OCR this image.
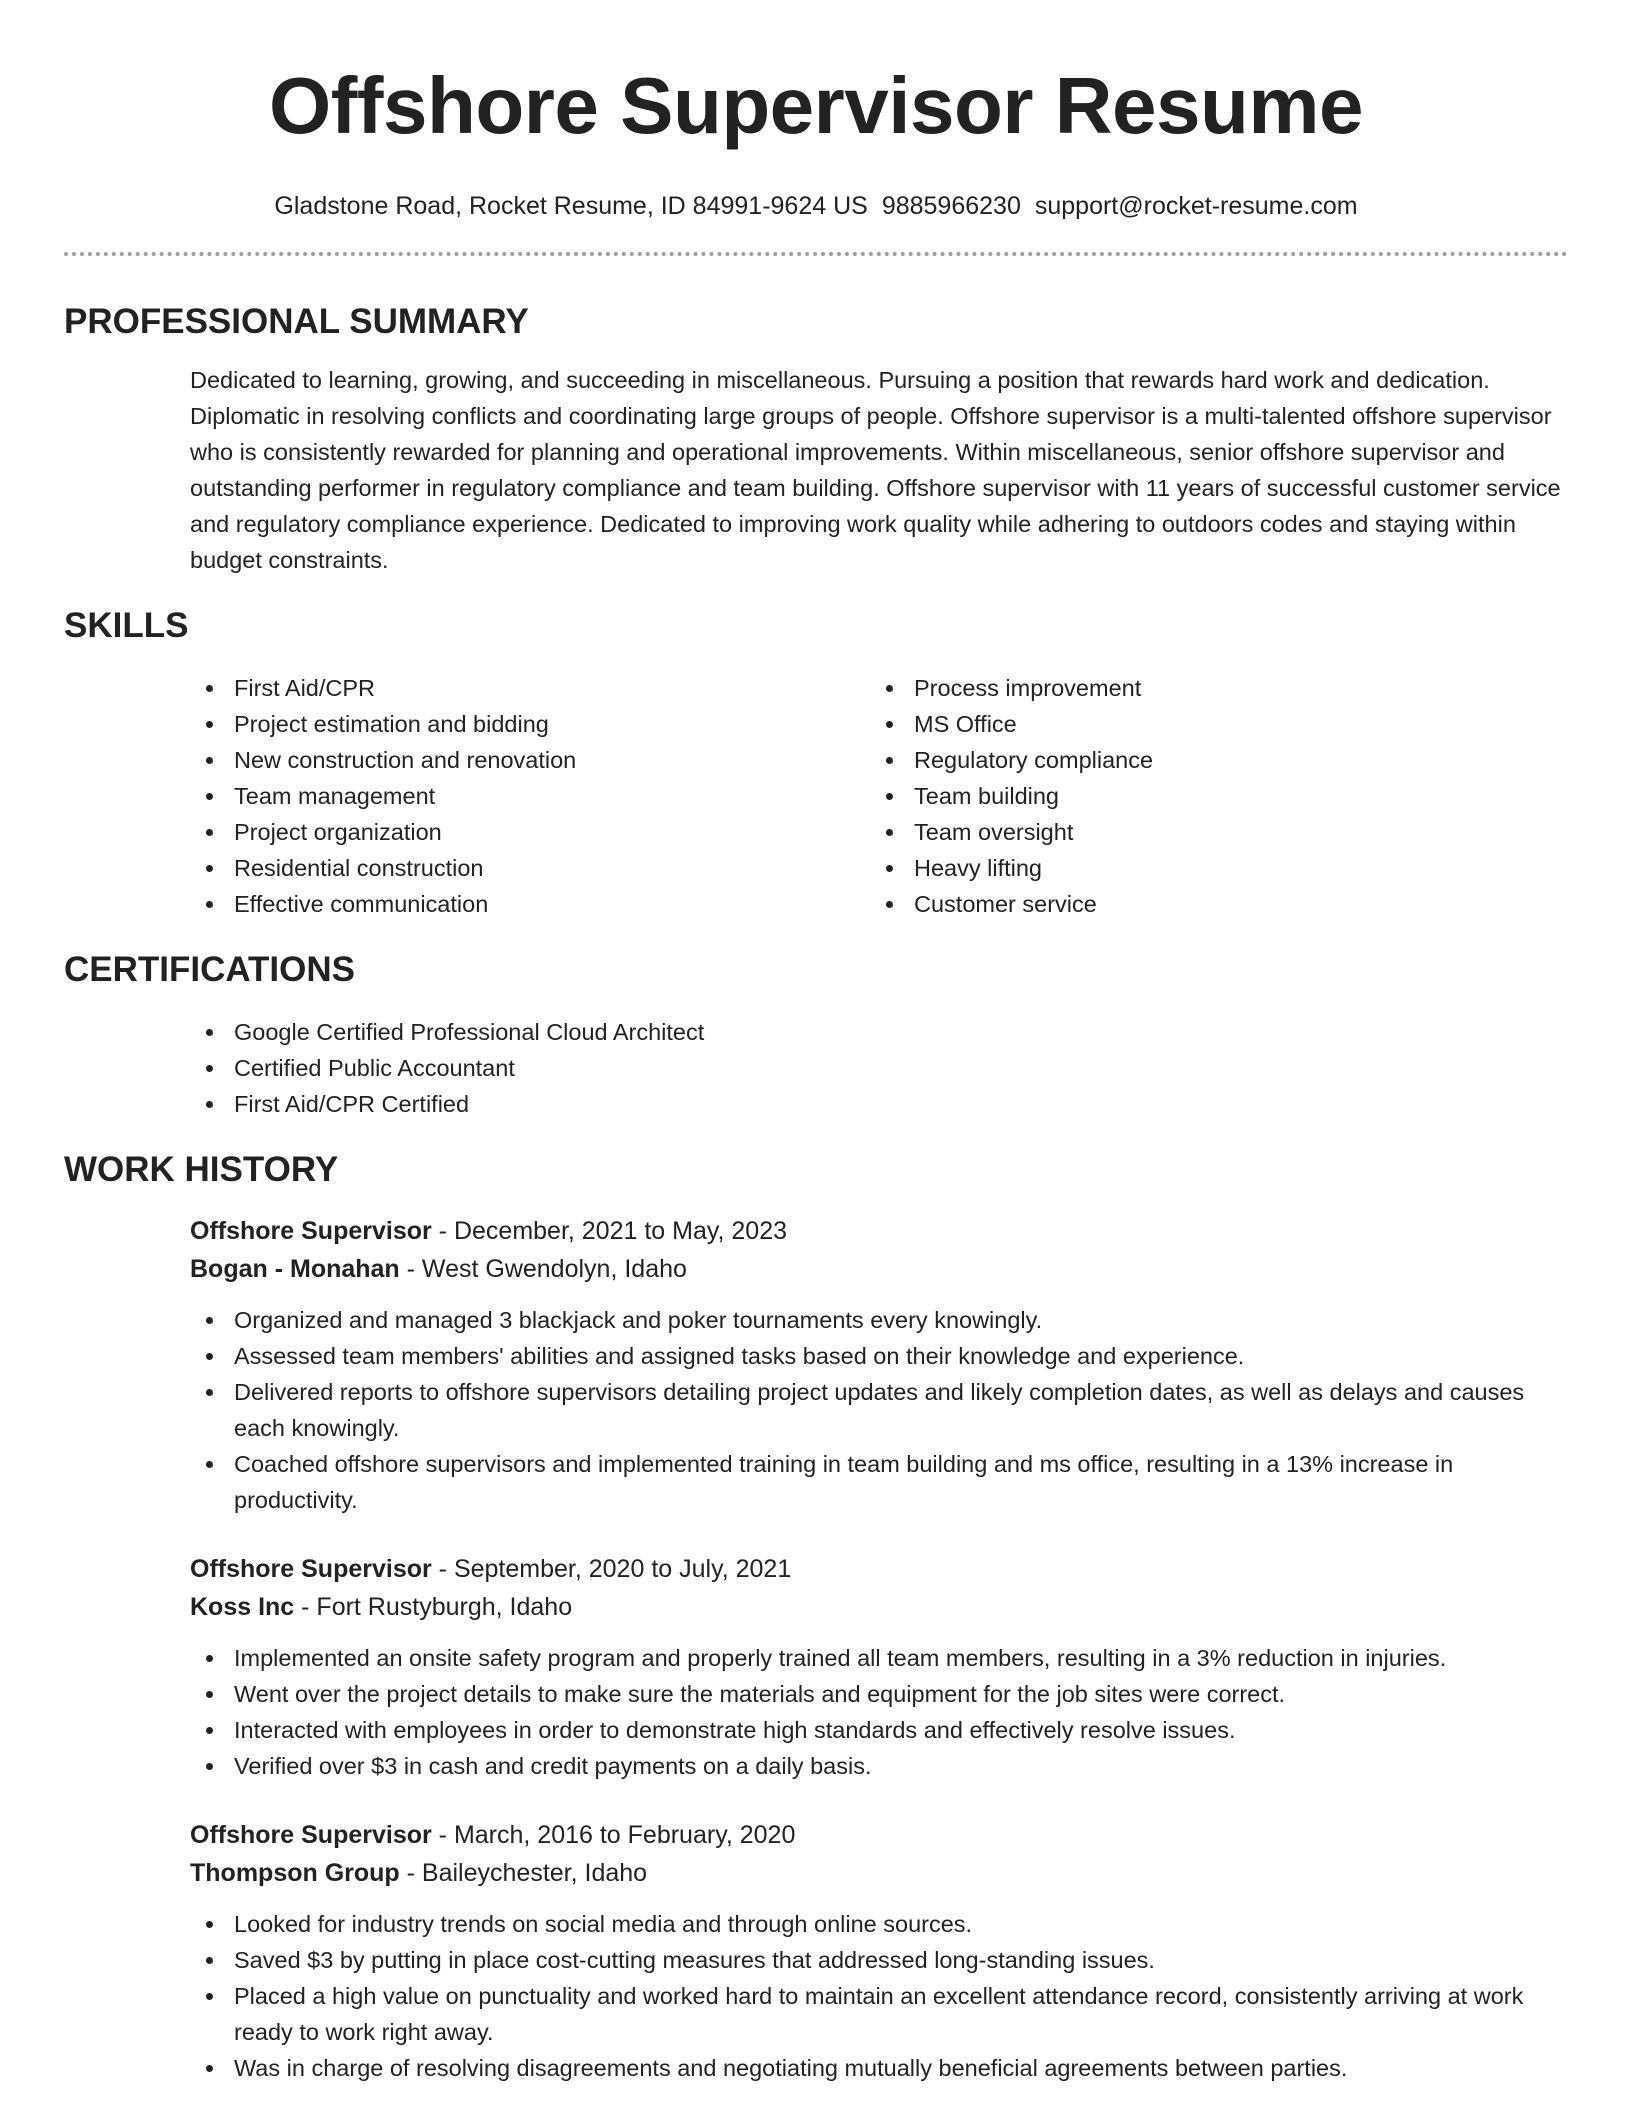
Offshore Supervisor Resume
Gladstone Road, Rocket Resume, ID 84991-9624 US 9885966230 support@rocket-resume.com
PROFESSIONAL SUMMARY

Dedicated to learning, growing, and succeeding in miscellaneous. Pursuing a position that rewards hard work and dedication. Diplomatic in resolving conflicts and coordinating large groups of people. Offshore supervisor is a multi-talented offshore supervisor who is consistently rewarded for planning and operational improvements. Within miscellaneous, senior offshore supervisor and outstanding performer in regulatory compliance and team building. Offshore supervisor with 11 years of successful customer service and regulatory compliance experience. Dedicated to improving work quality while adhering to outdoors codes and staying within budget constraints.

SKILLS
First Aid/CPR
Project estimation and bidding
New construction and renovation
Team management
Project organization
Residential construction
Effective communication
Process improvement
MS Office
Regulatory compliance
Team building
Team oversight
Heavy lifting
Customer service
CERTIFICATIONS
Google Certified Professional Cloud Architect
Certified Public Accountant
First Aid/CPR Certified
WORK HISTORY
Offshore Supervisor - December, 2021 to May, 2023
Bogan - Monahan - West Gwendolyn, Idaho
Organized and managed 3 blackjack and poker tournaments every knowingly.
Assessed team members' abilities and assigned tasks based on their knowledge and experience.
Delivered reports to offshore supervisors detailing project updates and likely completion dates, as well as delays and causes each knowingly.
Coached offshore supervisors and implemented training in team building and ms office, resulting in a 13% increase in productivity.
Offshore Supervisor - September, 2020 to July, 2021
Koss Inc - Fort Rustyburgh, Idaho
Implemented an onsite safety program and properly trained all team members, resulting in a 3% reduction in injuries.
Went over the project details to make sure the materials and equipment for the job sites were correct.
Interacted with employees in order to demonstrate high standards and effectively resolve issues.
Verified over $3 in cash and credit payments on a daily basis.
Offshore Supervisor - March, 2016 to February, 2020
Thompson Group - Baileychester, Idaho
Looked for industry trends on social media and through online sources.
Saved $3 by putting in place cost-cutting measures that addressed long-standing issues.
Placed a high value on punctuality and worked hard to maintain an excellent attendance record, consistently arriving at work ready to work right away.
Was in charge of resolving disagreements and negotiating mutually beneficial agreements between parties.
